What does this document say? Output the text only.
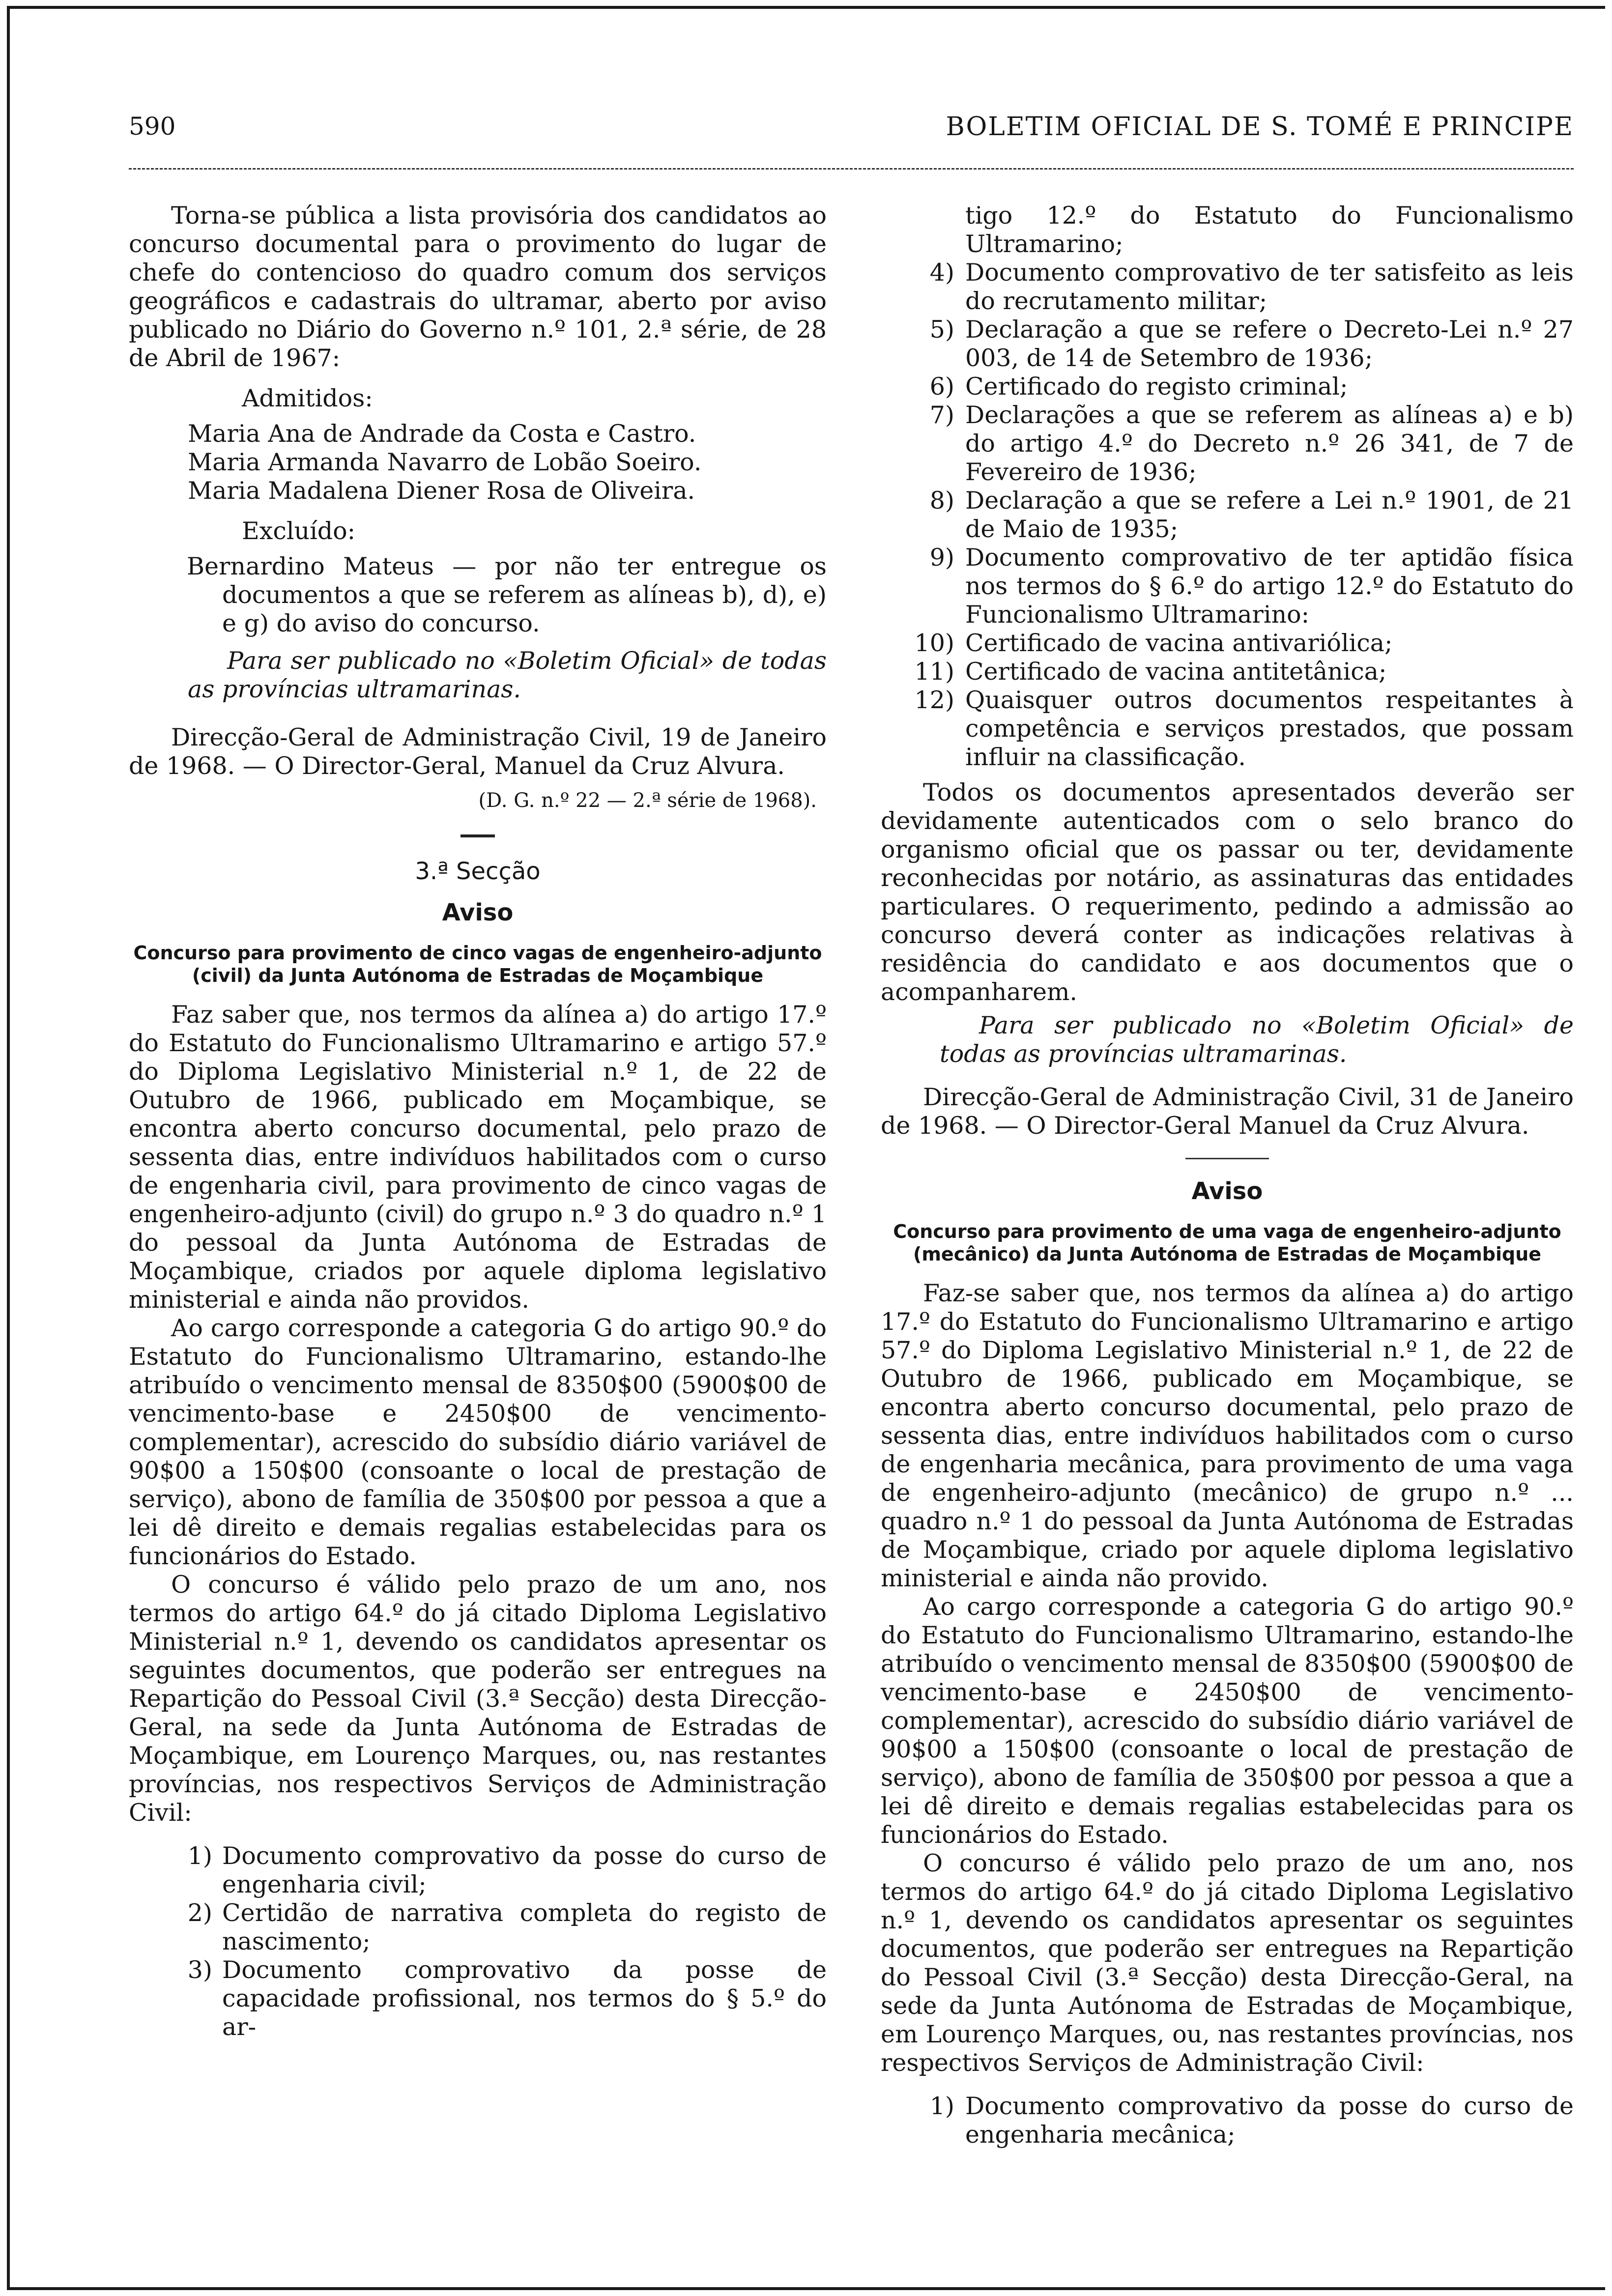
590	BOLETIM OFICIAL DE S. TOMÉ E PRINCIPE

Torna-se pública a lista provisória dos candidatos ao concurso documental para o provimento do lugar de chefe do contencioso do quadro comum dos serviços geográficos e cadastrais do ultramar, aberto por aviso publicado no Diário do Governo n.º 101, 2.ª série, de 28 de Abril de 1967:

Admitidos:
Maria Ana de Andrade da Costa e Castro.
Maria Armanda Navarro de Lobão Soeiro.
Maria Madalena Diener Rosa de Oliveira.
Excluído:

Bernardino Mateus — por não ter entregue os documentos a que se referem as alíneas b), d), e) e g) do aviso do concurso.

Para ser publicado no «Boletim Oficial» de todas as províncias ultramarinas.

Direcção-Geral de Administração Civil, 19 de Janeiro de 1968. — O Director-Geral, Manuel da Cruz Alvura.

(D. G. n.º 22 — 2.ª série de 1968).
3.ª Secção
Aviso
Concurso para provimento de cinco vagas de engenheiro-adjunto (civil) da Junta Autónoma de Estradas de Moçambique

Faz saber que, nos termos da alínea a) do artigo 17.º do Estatuto do Funcionalismo Ultramarino e artigo 57.º do Diploma Legislativo Ministerial n.º 1, de 22 de Outubro de 1966, publicado em Moçambique, se encontra aberto concurso documental, pelo prazo de sessenta dias, entre indivíduos habilitados com o curso de engenharia civil, para provimento de cinco vagas de engenheiro-adjunto (civil) do grupo n.º 3 do quadro n.º 1 do pessoal da Junta Autónoma de Estradas de Moçambique, criados por aquele diploma legislativo ministerial e ainda não providos.

Ao cargo corresponde a categoria G do artigo 90.º do Estatuto do Funcionalismo Ultramarino, estando-lhe atribuído o vencimento mensal de 8350$00 (5900$00 de vencimento-base e 2450$00 de vencimento-complementar), acrescido do subsídio diário variável de 90$00 a 150$00 (consoante o local de prestação de serviço), abono de família de 350$00 por pessoa a que a lei dê direito e demais regalias estabelecidas para os funcionários do Estado.

O concurso é válido pelo prazo de um ano, nos termos do artigo 64.º do já citado Diploma Legislativo Ministerial n.º 1, devendo os candidatos apresentar os seguintes documentos, que poderão ser entregues na Repartição do Pessoal Civil (3.ª Secção) desta Direcção-Geral, na sede da Junta Autónoma de Estradas de Moçambique, em Lourenço Marques, ou, nas restantes províncias, nos respectivos Serviços de Administração Civil:

1) Documento comprovativo da posse do curso de engenharia civil;
2) Certidão de narrativa completa do registo de nascimento;
3) Documento comprovativo da posse de capacidade profissional, nos termos do § 5.º do ar-
tigo 12.º do Estatuto do Funcionalismo Ultramarino;
4) Documento comprovativo de ter satisfeito as leis do recrutamento militar;
5) Declaração a que se refere o Decreto-Lei n.º 27 003, de 14 de Setembro de 1936;
6) Certificado do registo criminal;
7) Declarações a que se referem as alíneas a) e b) do artigo 4.º do Decreto n.º 26 341, de 7 de Fevereiro de 1936;
8) Declaração a que se refere a Lei n.º 1901, de 21 de Maio de 1935;
9) Documento comprovativo de ter aptidão física nos termos do § 6.º do artigo 12.º do Estatuto do Funcionalismo Ultramarino:
10) Certificado de vacina antivariólica;
11) Certificado de vacina antitetânica;
12) Quaisquer outros documentos respeitantes à competência e serviços prestados, que possam influir na classificação.

Todos os documentos apresentados deverão ser devidamente autenticados com o selo branco do organismo oficial que os passar ou ter, devidamente reconhecidas por notário, as assinaturas das entidades particulares. O requerimento, pedindo a admissão ao concurso deverá conter as indicações relativas à residência do candidato e aos documentos que o acompanharem.

Para ser publicado no «Boletim Oficial» de todas as províncias ultramarinas.

Direcção-Geral de Administração Civil, 31 de Janeiro de 1968. — O Director-Geral Manuel da Cruz Alvura.

Aviso
Concurso para provimento de uma vaga de engenheiro-adjunto (mecânico) da Junta Autónoma de Estradas de Moçambique

Faz-se saber que, nos termos da alínea a) do artigo 17.º do Estatuto do Funcionalismo Ultramarino e artigo 57.º do Diploma Legislativo Ministerial n.º 1, de 22 de Outubro de 1966, publicado em Moçambique, se encontra aberto concurso documental, pelo prazo de sessenta dias, entre indivíduos habilitados com o curso de engenharia mecânica, para provimento de uma vaga de engenheiro-adjunto (mecânico) de grupo n.º ... quadro n.º 1 do pessoal da Junta Autónoma de Estradas de Moçambique, criado por aquele diploma legislativo ministerial e ainda não provido.

Ao cargo corresponde a categoria G do artigo 90.º do Estatuto do Funcionalismo Ultramarino, estando-lhe atribuído o vencimento mensal de 8350$00 (5900$00 de vencimento-base e 2450$00 de vencimento-complementar), acrescido do subsídio diário variável de 90$00 a 150$00 (consoante o local de prestação de serviço), abono de família de 350$00 por pessoa a que a lei dê direito e demais regalias estabelecidas para os funcionários do Estado.

O concurso é válido pelo prazo de um ano, nos termos do artigo 64.º do já citado Diploma Legislativo n.º 1, devendo os candidatos apresentar os seguintes documentos, que poderão ser entregues na Repartição do Pessoal Civil (3.ª Secção) desta Direcção-Geral, na sede da Junta Autónoma de Estradas de Moçambique, em Lourenço Marques, ou, nas restantes províncias, nos respectivos Serviços de Administração Civil:

1) Documento comprovativo da posse do curso de engenharia mecânica;
